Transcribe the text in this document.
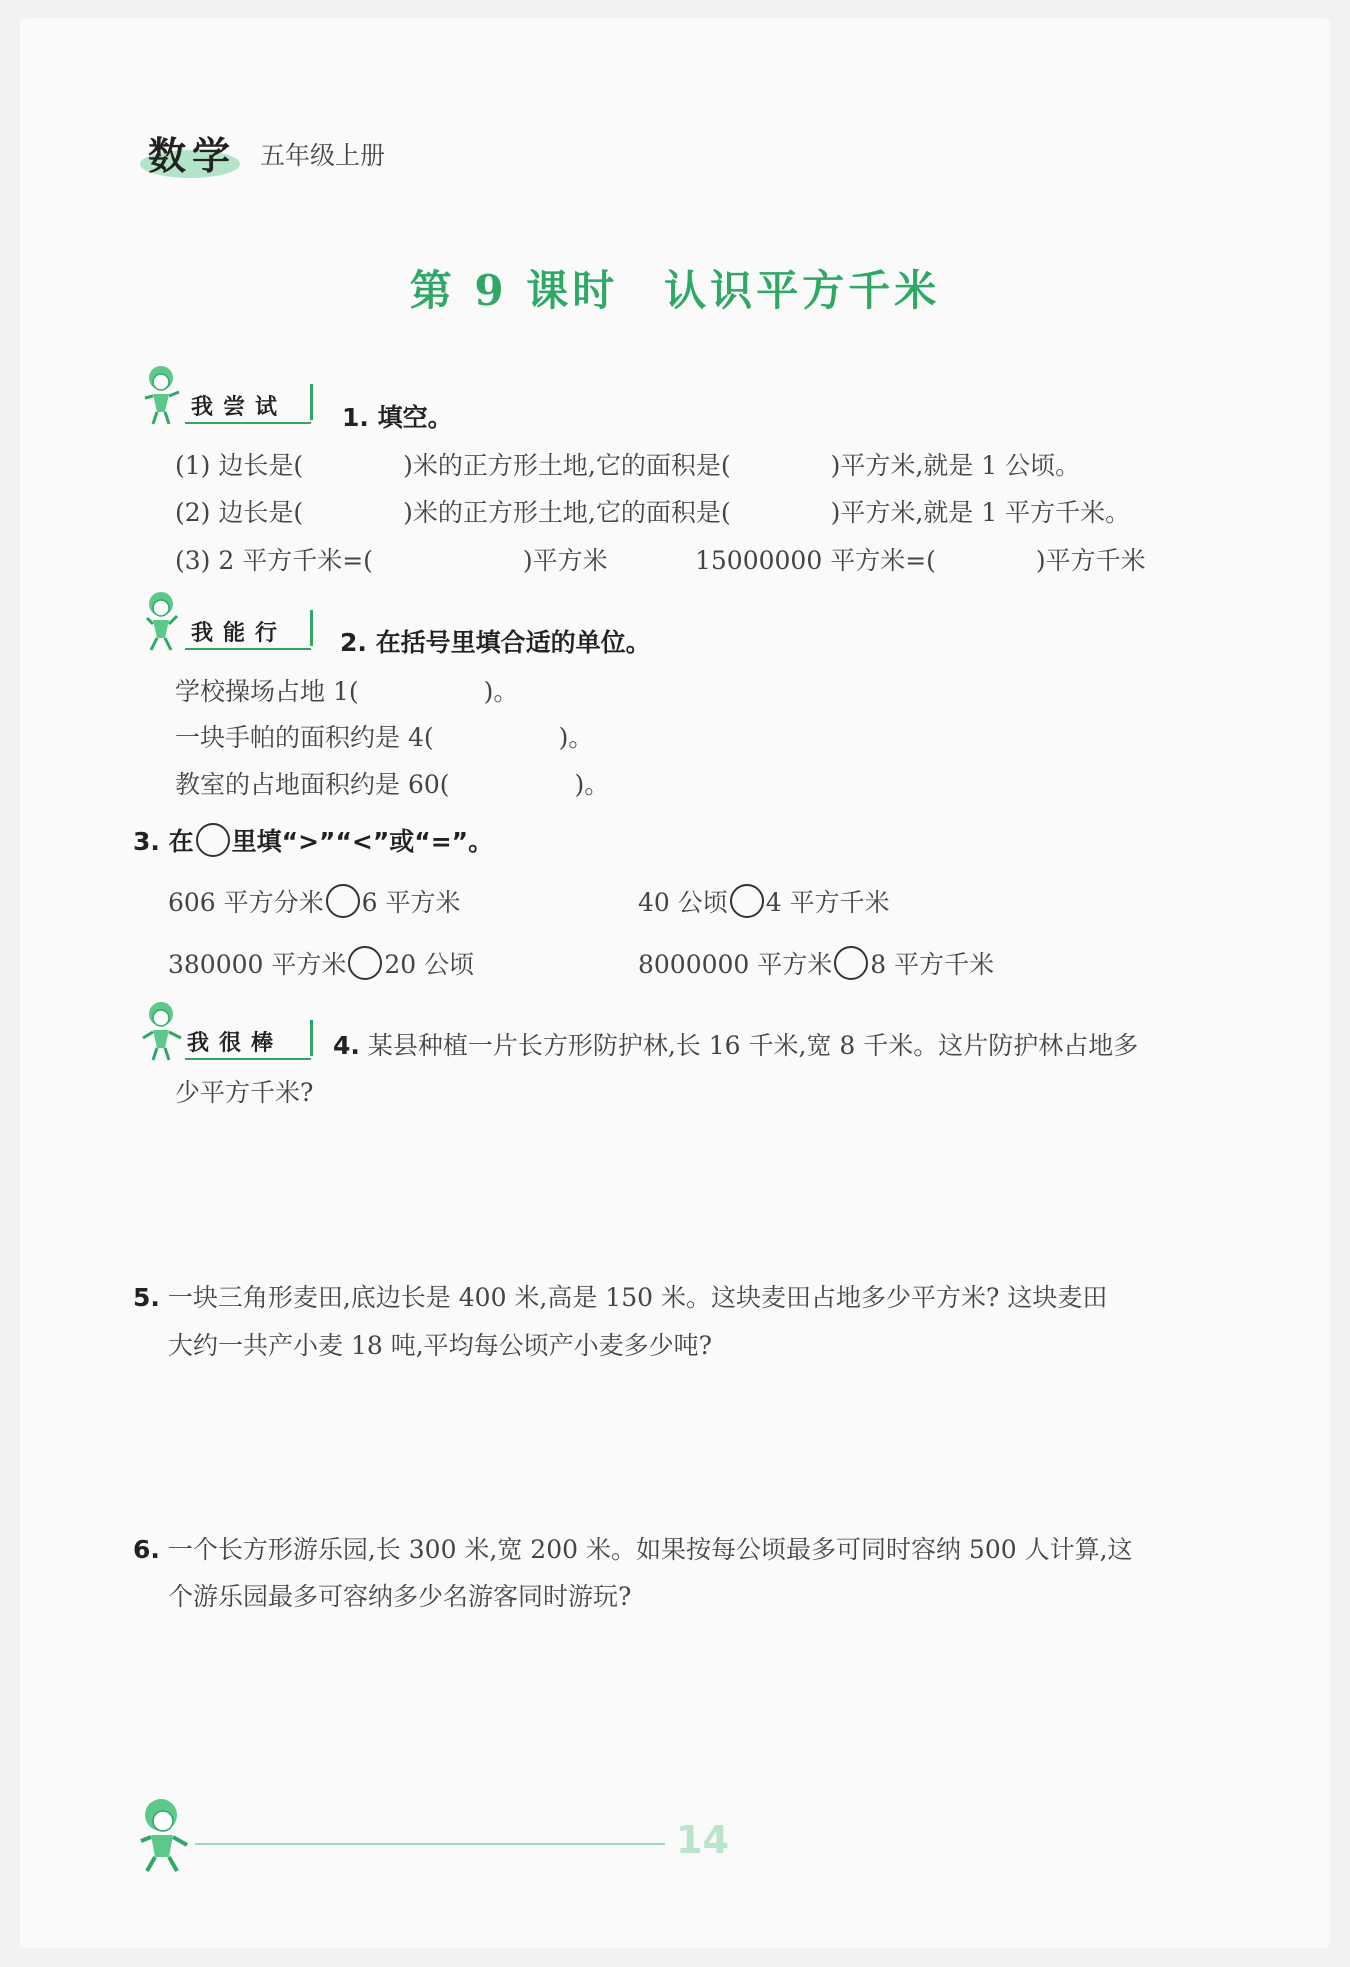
数学 五年级上册
第 9 课时　认识平方千米
我尝试 1. 填空。
(1) 边长是(　　　　)米的正方形土地,它的面积是(　　　　)平方米,就是 1 公顷。
(2) 边长是(　　　　)米的正方形土地,它的面积是(　　　　)平方米,就是 1 平方千米。
(3) 2 平方千米=(　　　　　　)平方米	15000000 平方米=(　　　　)平方千米
我能行 2. 在括号里填合适的单位。
学校操场占地 1(　　　　　)。
一块手帕的面积约是 4(　　　　　)。
教室的占地面积约是 60(　　　　　)。
3. 在 里填“>”“<”或“=”。
606 平方分米 6 平方米	40 公顷 4 平方千米
380000 平方米 20 公顷	8000000 平方米 8 平方千米
我很棒 4. 某县种植一片长方形防护林,长 16 千米,宽 8 千米。这片防护林占地多
少平方千米?
5. 一块三角形麦田,底边长是 400 米,高是 150 米。这块麦田占地多少平方米? 这块麦田
大约一共产小麦 18 吨,平均每公顷产小麦多少吨?
6. 一个长方形游乐园,长 300 米,宽 200 米。如果按每公顷最多可同时容纳 500 人计算,这
个游乐园最多可容纳多少名游客同时游玩?
14
